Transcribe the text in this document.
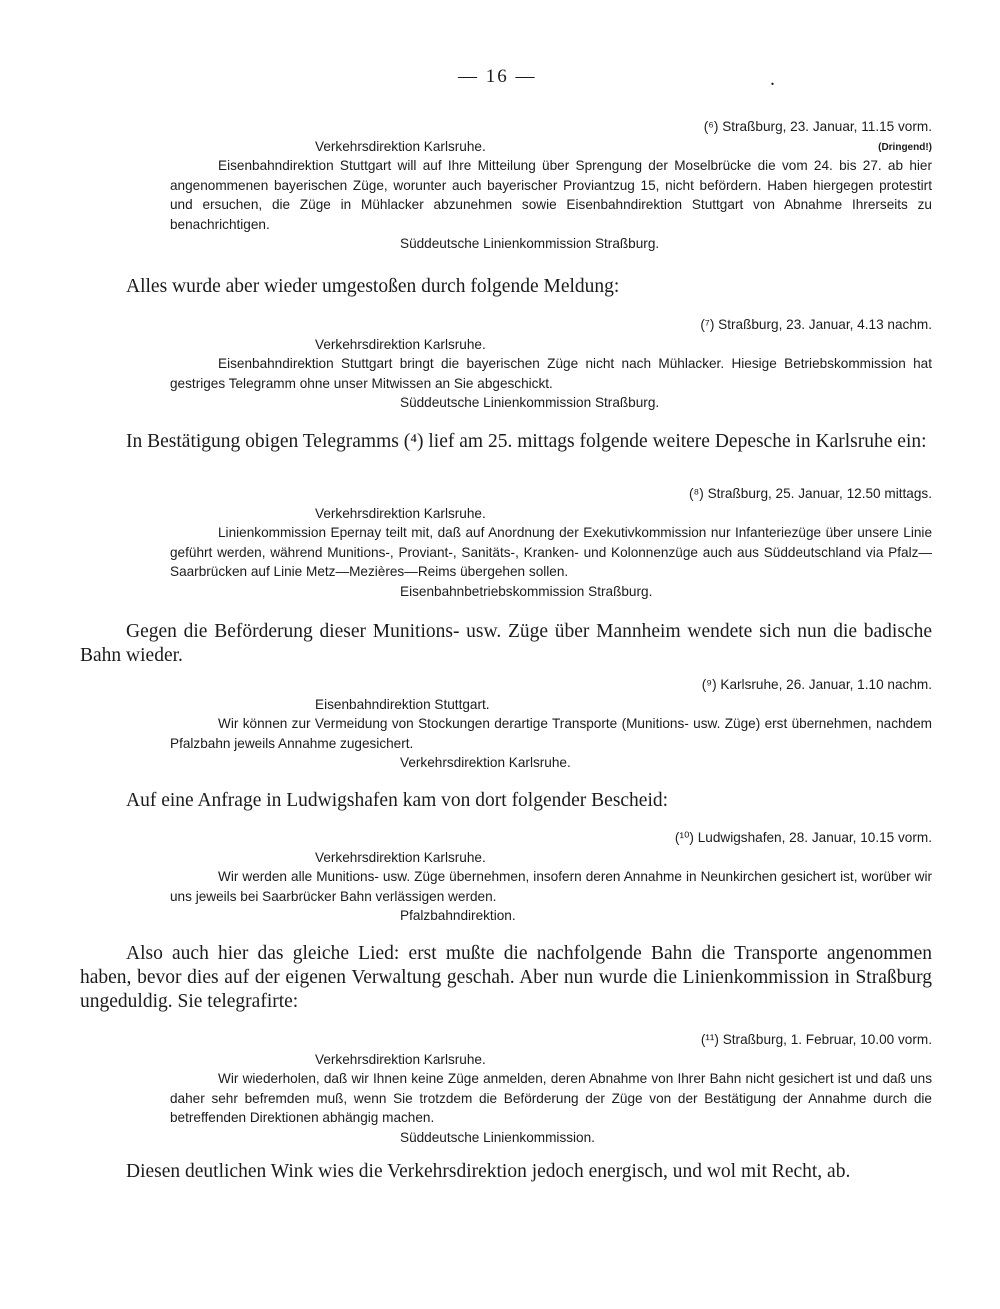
— 16 —	.
(⁶) Straßburg, 23. Januar, 11.15 vorm.
Verkehrsdirektion Karlsruhe.	(Dringend!)
Eisenbahndirektion Stuttgart will auf Ihre Mitteilung über Sprengung der Moselbrücke die vom 24. bis 27. ab hier angenommenen bayerischen Züge, worunter auch bayerischer Proviantzug 15, nicht befördern. Haben hiergegen protestirt und ersuchen, die Züge in Mühlacker abzunehmen sowie Eisenbahndirektion Stuttgart von Abnahme Ihrerseits zu benachrichtigen.
Süddeutsche Linienkommission Straßburg.
Alles wurde aber wieder umgestoßen durch folgende Meldung:
(⁷) Straßburg, 23. Januar, 4.13 nachm.
Verkehrsdirektion Karlsruhe.
Eisenbahndirektion Stuttgart bringt die bayerischen Züge nicht nach Mühlacker. Hiesige Betriebskommission hat gestriges Telegramm ohne unser Mitwissen an Sie abgeschickt.
Süddeutsche Linienkommission Straßburg.
In Bestätigung obigen Telegramms (⁴) lief am 25. mittags folgende weitere Depesche in Karlsruhe ein:
(⁸) Straßburg, 25. Januar, 12.50 mittags.
Verkehrsdirektion Karlsruhe.
Linienkommission Epernay teilt mit, daß auf Anordnung der Exekutivkommission nur Infanteriezüge über unsere Linie geführt werden, während Munitions-, Proviant-, Sanitäts-, Kranken- und Kolonnenzüge auch aus Süddeutschland via Pfalz—Saarbrücken auf Linie Metz—Mezières—Reims übergehen sollen.
Eisenbahnbetriebskommission Straßburg.
Gegen die Beförderung dieser Munitions- usw. Züge über Mannheim wendete sich nun die badische Bahn wieder.
(⁹) Karlsruhe, 26. Januar, 1.10 nachm.
Eisenbahndirektion Stuttgart.
Wir können zur Vermeidung von Stockungen derartige Transporte (Munitions- usw. Züge) erst übernehmen, nachdem Pfalzbahn jeweils Annahme zugesichert.
Verkehrsdirektion Karlsruhe.
Auf eine Anfrage in Ludwigshafen kam von dort folgender Bescheid:
(¹⁰) Ludwigshafen, 28. Januar, 10.15 vorm.
Verkehrsdirektion Karlsruhe.
Wir werden alle Munitions- usw. Züge übernehmen, insofern deren Annahme in Neunkirchen gesichert ist, worüber wir uns jeweils bei Saarbrücker Bahn verlässigen werden.
Pfalzbahndirektion.
Also auch hier das gleiche Lied: erst mußte die nachfolgende Bahn die Transporte angenommen haben, bevor dies auf der eigenen Verwaltung geschah. Aber nun wurde die Linienkommission in Straßburg ungeduldig. Sie telegrafirte:
(¹¹) Straßburg, 1. Februar, 10.00 vorm.
Verkehrsdirektion Karlsruhe.
Wir wiederholen, daß wir Ihnen keine Züge anmelden, deren Abnahme von Ihrer Bahn nicht gesichert ist und daß uns daher sehr befremden muß, wenn Sie trotzdem die Beförderung der Züge von der Bestätigung der Annahme durch die betreffenden Direktionen abhängig machen.
Süddeutsche Linienkommission.
Diesen deutlichen Wink wies die Verkehrsdirektion jedoch energisch, und wol mit Recht, ab.
